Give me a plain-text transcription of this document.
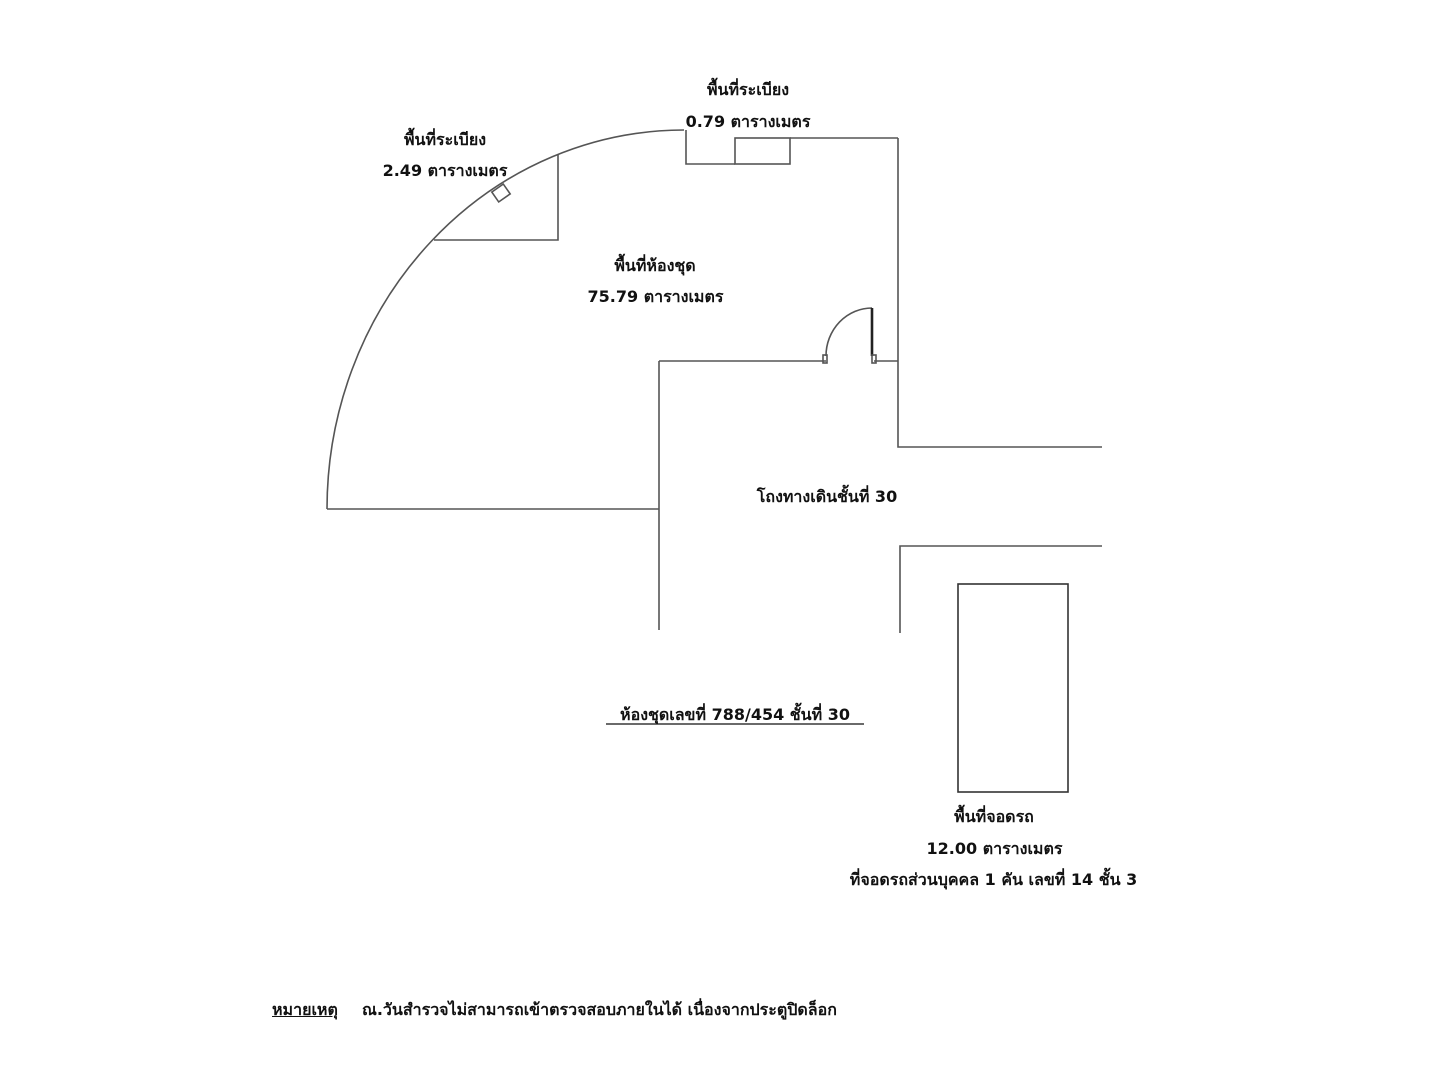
พื้นที่ระเบียง
2.49 ตารางเมตร
พื้นที่ระเบียง
0.79 ตารางเมตร
พื้นที่ห้องชุด
75.79 ตารางเมตร
โถงทางเดินชั้นที่ 30
ห้องชุดเลขที่ 788/454 ชั้นที่ 30
พื้นที่จอดรถ
12.00 ตารางเมตร
ที่จอดรถส่วนบุคคล 1 คัน เลขที่ 14 ชั้น 3
หมายเหตุ ณ.วันสำรวจไม่สามารถเข้าตรวจสอบภายในได้ เนื่องจากประตูปิดล็อก
